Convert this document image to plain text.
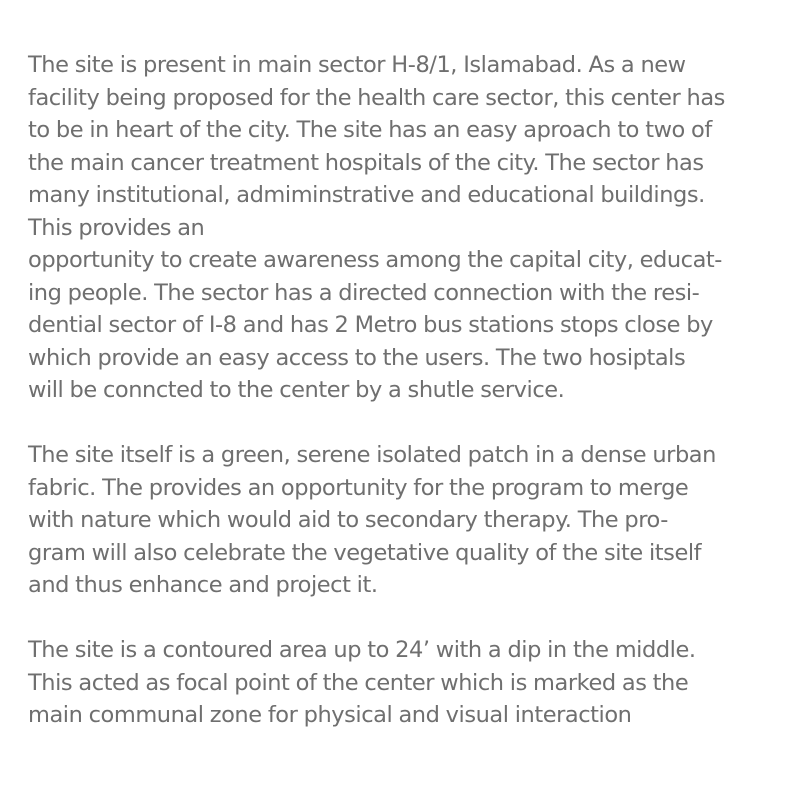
The site is present in main sector H-8/1, Islamabad. As a new
facility being proposed for the health care sector, this center has
to be in heart of the city. The site has an easy aproach to two of
the main cancer treatment hospitals of the city. The sector has
many institutional, admiminstrative and educational buildings.
This provides an
opportunity to create awareness among the capital city, educat-
ing people. The sector has a directed connection with the resi-
dential sector of I-8 and has 2 Metro bus stations stops close by
which provide an easy access to the users. The two hosiptals
will be conncted to the center by a shutle service.

The site itself is a green, serene isolated patch in a dense urban
fabric. The provides an opportunity for the program to merge
with nature which would aid to secondary therapy. The pro-
gram will also celebrate the vegetative quality of the site itself
and thus enhance and project it.

The site is a contoured area up to 24’ with a dip in the middle.
This acted as focal point of the center which is marked as the
main communal zone for physical and visual interaction
